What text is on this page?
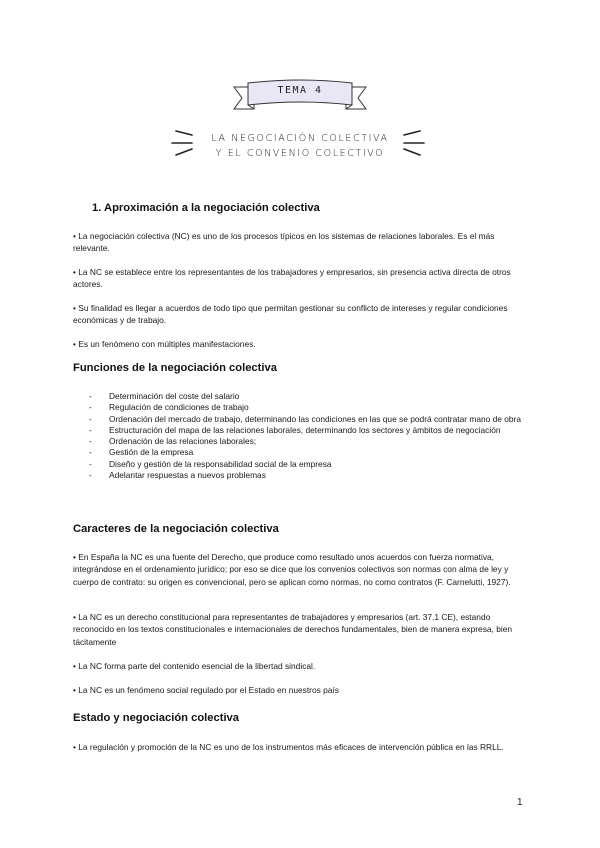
TEMA 4
LA NEGOCIACIÓN COLECTIVA
Y EL CONVENIO COLECTIVO
1. Aproximación a la negociación colectiva
• La negociación colectiva (NC) es uno de los procesos típicos en los sistemas de relaciones laborales. Es el más relevante.
• La NC se establece entre los representantes de los trabajadores y empresarios, sin presencia activa directa de otros actores.
• Su finalidad es llegar a acuerdos de todo tipo que permitan gestionar su conflicto de intereses y regular condiciones económicas y de trabajo.
• Es un fenómeno con múltiples manifestaciones.
Funciones de la negociación colectiva
- Determinación del coste del salario
- Regulación de condiciones de trabajo
- Ordenación del mercado de trabajo, determinando las condiciones en las que se podrá contratar mano de obra
- Estructuración del mapa de las relaciones laborales, determinando los sectores y ámbitos de negociación
- Ordenación de las relaciones laborales;
- Gestión de la empresa
- Diseño y gestión de la responsabilidad social de la empresa
- Adelantar respuestas a nuevos problemas
Caracteres de la negociación colectiva
• En España la NC es una fuente del Derecho, que produce como resultado unos acuerdos con fuerza normativa, integrándose en el ordenamiento jurídico; por eso se dice que los convenios colectivos son normas con alma de ley y cuerpo de contrato: su origen es convencional, pero se aplican como normas, no como contratos (F. Carnelutti, 1927).
• La NC es un derecho constitucional para representantes de trabajadores y empresarios (art. 37.1 CE), estando reconocido en los textos constitucionales e internacionales de derechos fundamentales, bien de manera expresa, bien tácitamente
• La NC forma parte del contenido esencial de la libertad sindical.
• La NC es un fenómeno social regulado por el Estado en nuestros país
Estado y negociación colectiva
• La regulación y promoción de la NC es uno de los instrumentos más eficaces de intervención pública en las RRLL.
1
